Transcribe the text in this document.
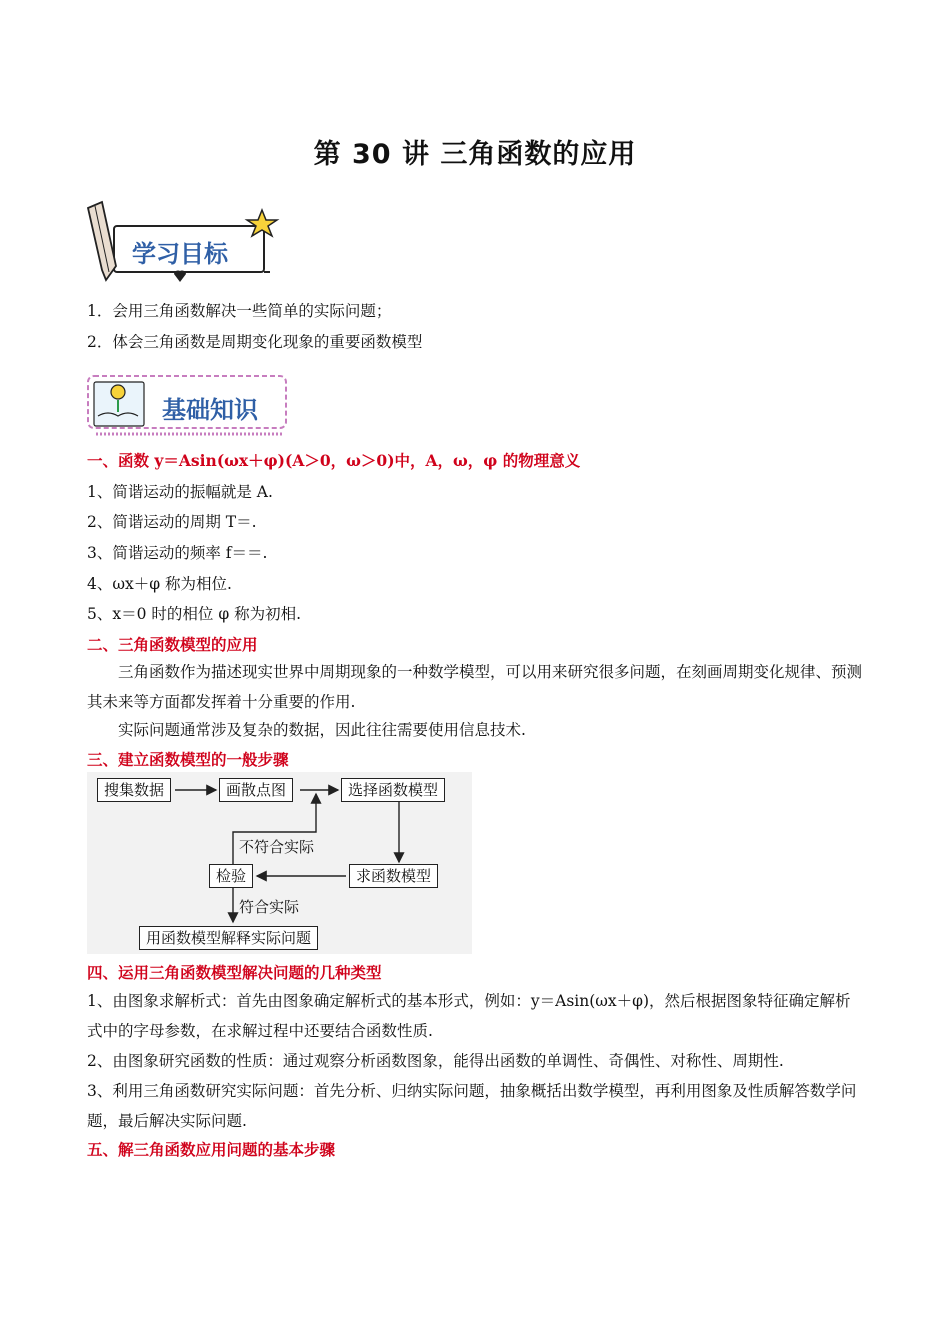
第 30 讲 三角函数的应用
学习目标
1．会用三角函数解决一些简单的实际问题；
2．体会三角函数是周期变化现象的重要函数模型
基础知识
一、函数 y＝Asin(ωx＋φ)(A＞0，ω＞0)中，A，ω，φ 的物理意义
1、简谐运动的振幅就是 A.
2、简谐运动的周期 T＝.
3、简谐运动的频率 f＝＝.
4、ωx＋φ 称为相位.
5、x＝0 时的相位 φ 称为初相.
二、三角函数模型的应用
三角函数作为描述现实世界中周期现象的一种数学模型，可以用来研究很多问题，在刻画周期变化规律、预测其未来等方面都发挥着十分重要的作用.
实际问题通常涉及复杂的数据，因此往往需要使用信息技术.
三、建立函数模型的一般步骤
搜集数据	画散点图	选择函数模型
求函数模型
检验
不符合实际
符合实际
用函数模型解释实际问题
四、运用三角函数模型解决问题的几种类型
1、由图象求解析式：首先由图象确定解析式的基本形式，例如：y＝Asin(ωx＋φ)，然后根据图象特征确定解析式中的字母参数，在求解过程中还要结合函数性质.
2、由图象研究函数的性质：通过观察分析函数图象，能得出函数的单调性、奇偶性、对称性、周期性.
3、利用三角函数研究实际问题：首先分析、归纳实际问题，抽象概括出数学模型，再利用图象及性质解答数学问题，最后解决实际问题.
五、解三角函数应用问题的基本步骤
